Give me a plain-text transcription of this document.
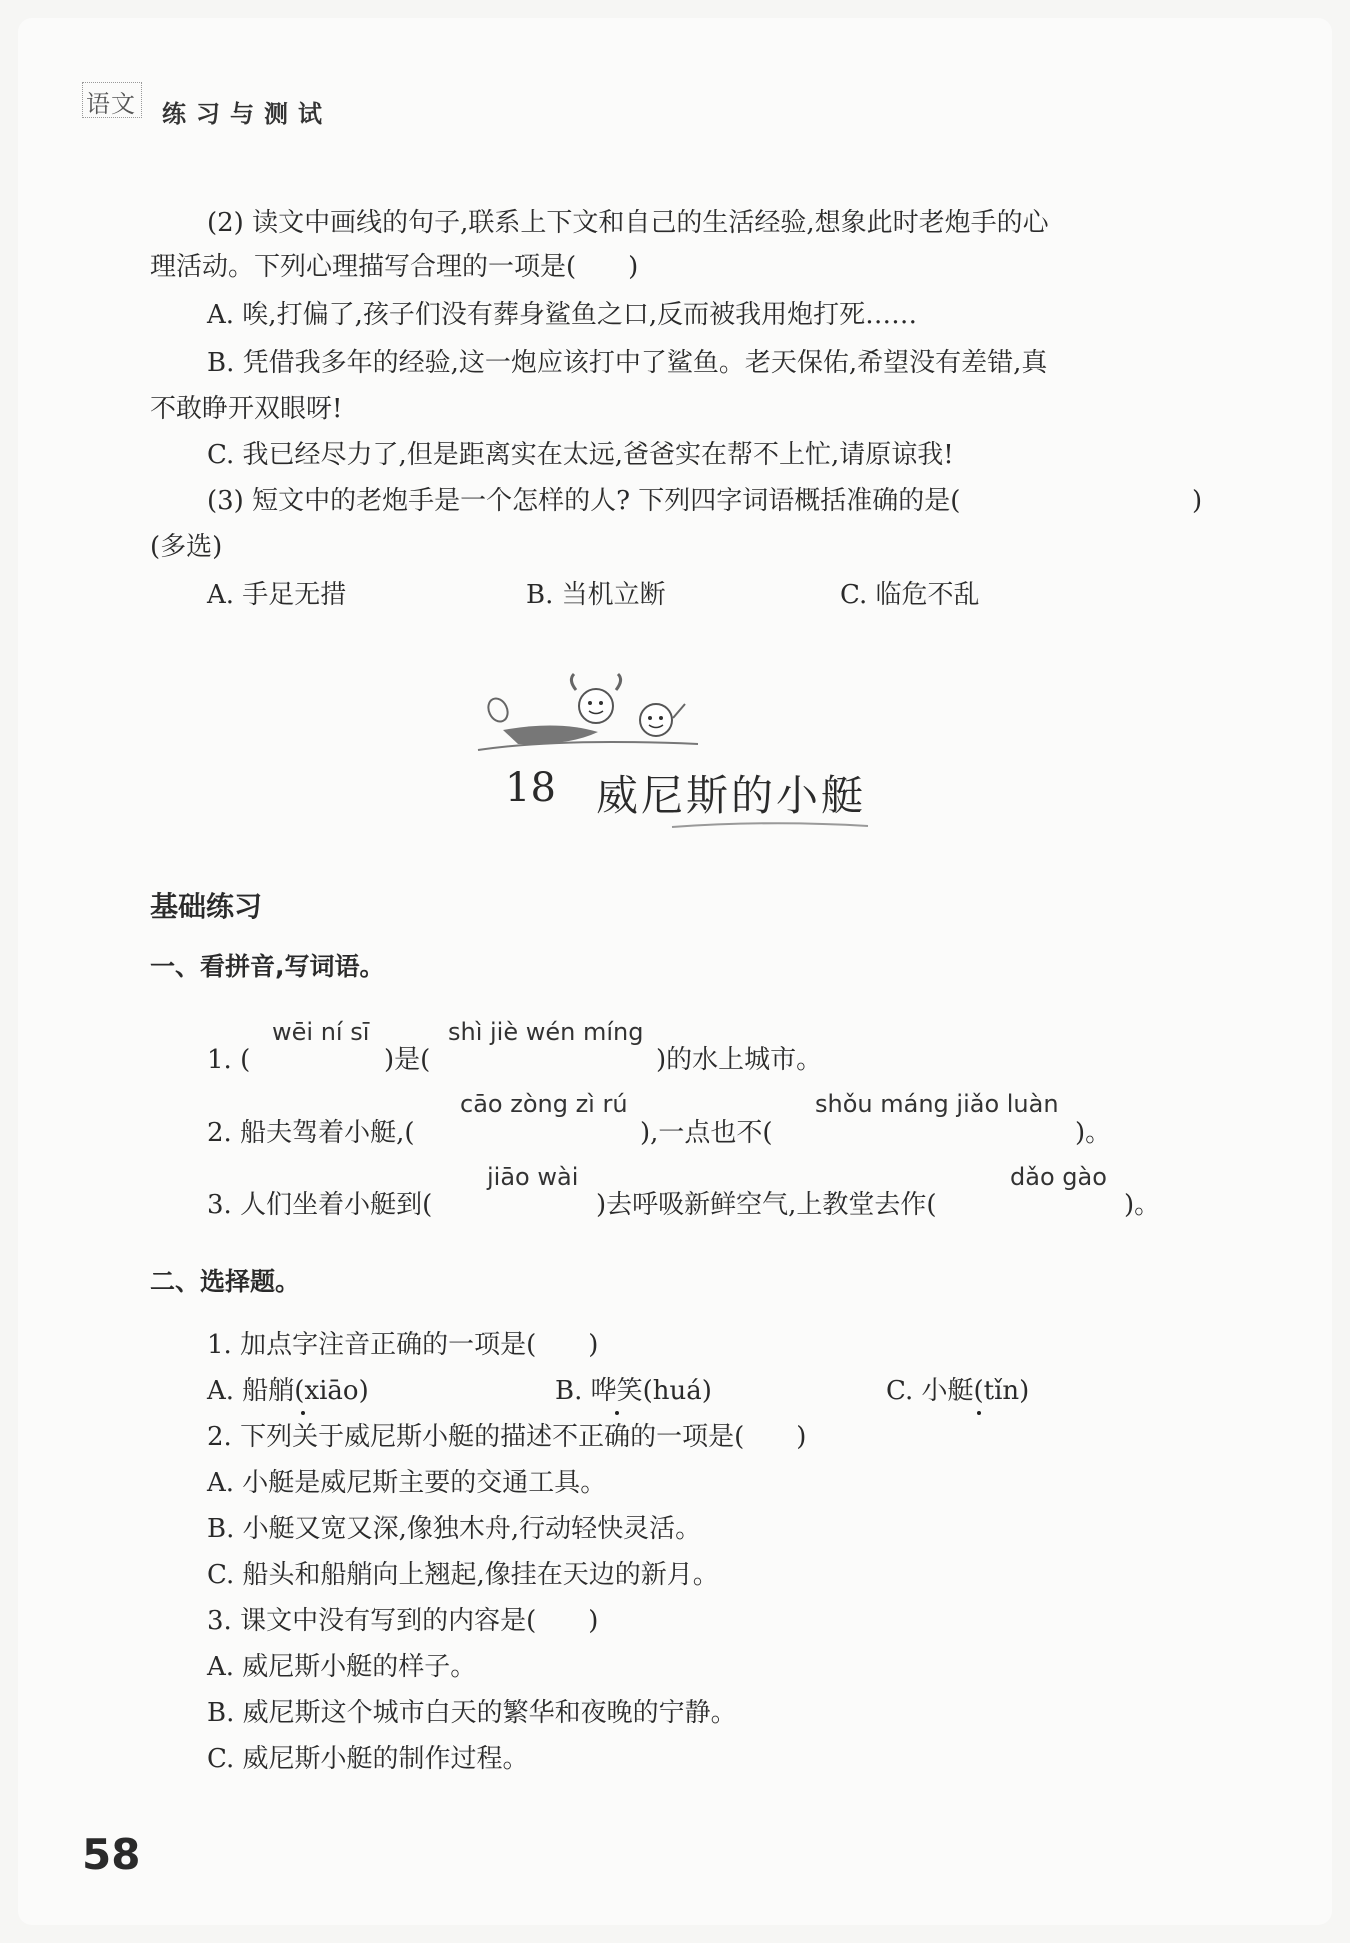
语文 练习与测试
(2) 读文中画线的句子,联系上下文和自己的生活经验,想象此时老炮手的心
理活动。下列心理描写合理的一项是(　　)
A. 唉,打偏了,孩子们没有葬身鲨鱼之口,反而被我用炮打死……
B. 凭借我多年的经验,这一炮应该打中了鲨鱼。老天保佑,希望没有差错,真
不敢睁开双眼呀!
C. 我已经尽力了,但是距离实在太远,爸爸实在帮不上忙,请原谅我!
(3) 短文中的老炮手是一个怎样的人? 下列四字词语概括准确的是(	)
(多选)
A. 手足无措	B. 当机立断	C. 临危不乱
18 威尼斯的小艇
基础练习
一、看拼音,写词语。
wēi ní sī	shì jiè wén míng
1. (	)是(	)的水上城市。
cāo zòng zì rú	shǒu máng jiǎo luàn
2. 船夫驾着小艇,(	),一点也不(	)。
jiāo wài	dǎo gào
3. 人们坐着小艇到(	)去呼吸新鲜空气,上教堂去作(	)。
二、选择题。
1. 加点字注音正确的一项是(　　)
A. 船艄(xiāo)	B. 哗笑(huá)	C. 小艇(tǐn)
2. 下列关于威尼斯小艇的描述不正确的一项是(　　)
A. 小艇是威尼斯主要的交通工具。
B. 小艇又宽又深,像独木舟,行动轻快灵活。
C. 船头和船艄向上翘起,像挂在天边的新月。
3. 课文中没有写到的内容是(　　)
A. 威尼斯小艇的样子。
B. 威尼斯这个城市白天的繁华和夜晚的宁静。
C. 威尼斯小艇的制作过程。
58
